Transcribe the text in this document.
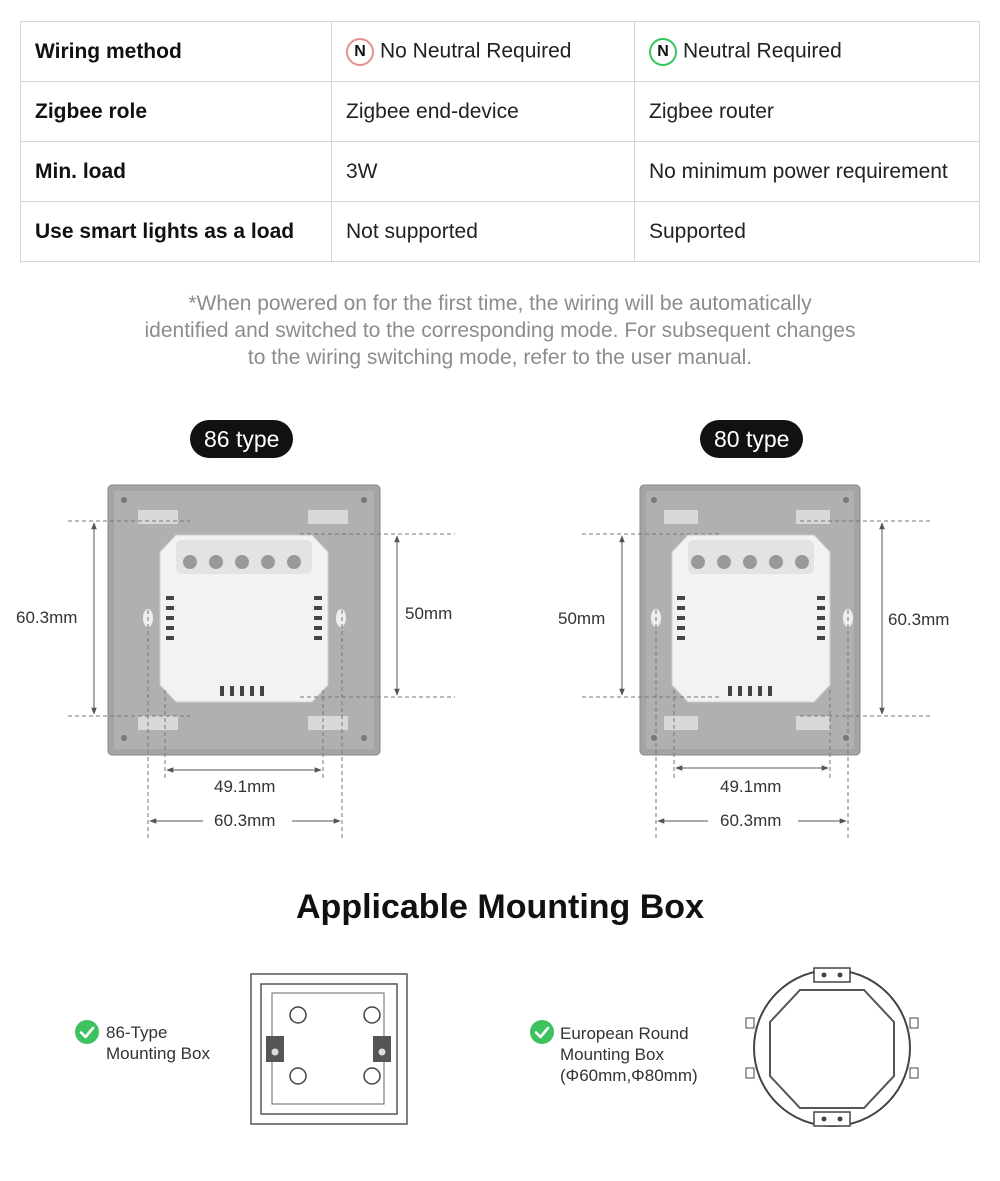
Wiring method	N No Neutral Required	N Neutral Required
Zigbee role	Zigbee end-device	Zigbee router
Min. load	3W	No minimum power requirement
Use smart lights as a load	Not supported	Supported
*When powered on for the first time, the wiring will be automatically
identified and switched to the corresponding mode. For subsequent changes
to the wiring switching mode, refer to the user manual.
86 type	80 type
60.3mm	50mm
49.1mm
60.3mm
50mm	60.3mm
49.1mm
60.3mm
Applicable Mounting Box
86-Type
Mounting Box
European Round
Mounting Box
(Φ60mm,Φ80mm)
